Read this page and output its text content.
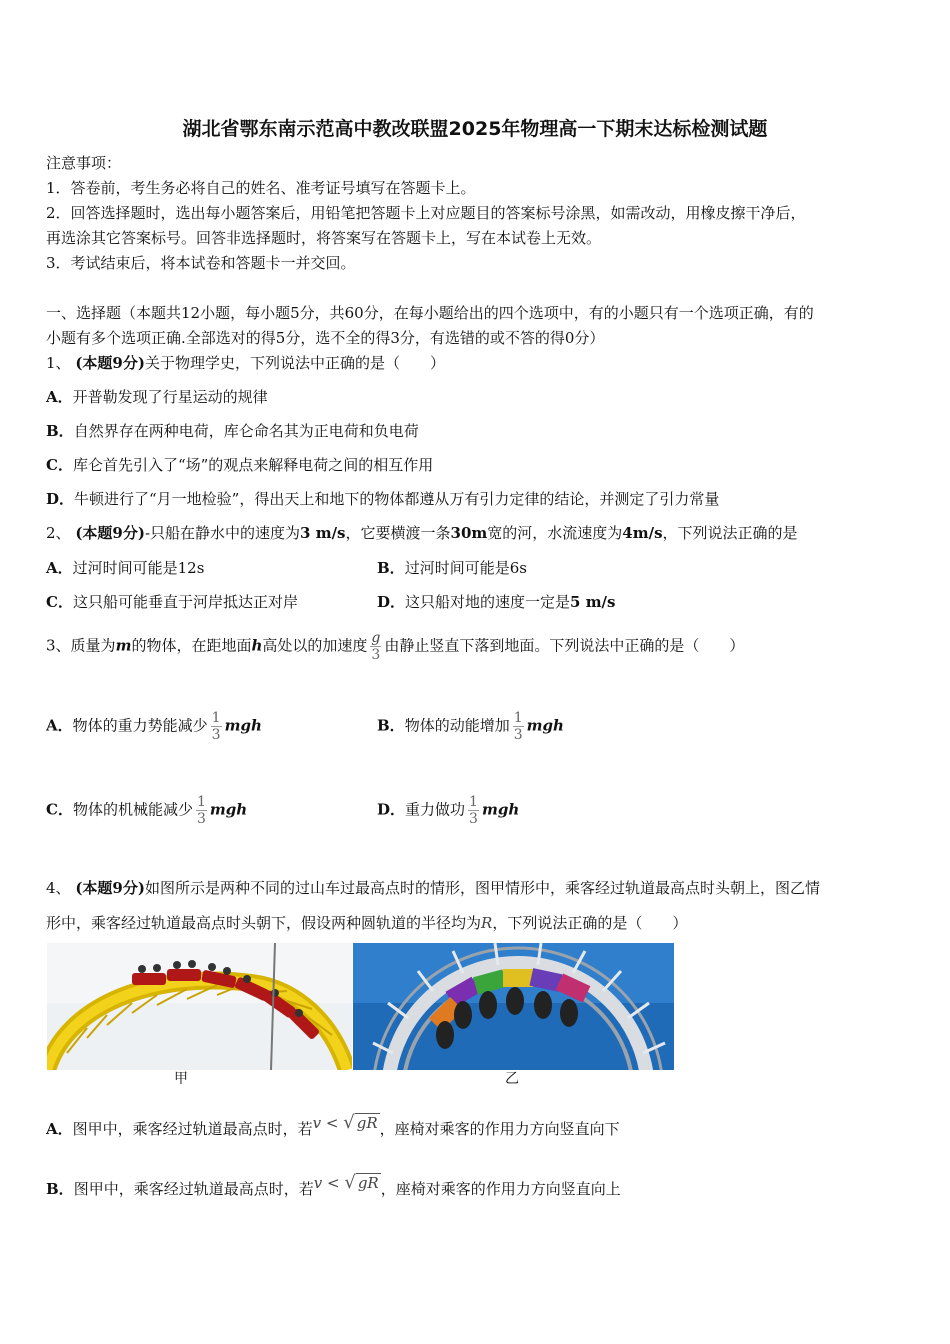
湖北省鄂东南示范高中教改联盟2025年物理高一下期末达标检测试题
注意事项：
1．答卷前，考生务必将自己的姓名、准考证号填写在答题卡上。
2．回答选择题时，选出每小题答案后，用铅笔把答题卡上对应题目的答案标号涂黑，如需改动，用橡皮擦干净后，
再选涂其它答案标号。回答非选择题时，将答案写在答题卡上，写在本试卷上无效。
3．考试结束后，将本试卷和答题卡一并交回。
一、选择题（本题共12小题，每小题5分，共60分，在每小题给出的四个选项中，有的小题只有一个选项正确，有的
小题有多个选项正确.全部选对的得5分，选不全的得3分，有选错的或不答的得0分）
1、 (本题9分)关于物理学史，下列说法中正确的是（　　）
A．开普勒发现了行星运动的规律
B．自然界存在两种电荷，库仑命名其为正电荷和负电荷
C．库仑首先引入了“场”的观点来解释电荷之间的相互作用
D．牛顿进行了“月一地检验”，得出天上和地下的物体都遵从万有引力定律的结论，并测定了引力常量
2、 (本题9分)-只船在静水中的速度为3 m/s，它要横渡一条30m宽的河，水流速度为4m/s，下列说法正确的是
A．过河时间可能是12s	B．过河时间可能是6s
C．这只船可能垂直于河岸抵达正对岸	D．这只船对地的速度一定是5 m/s
3、质量为m的物体，在距地面h高处以的加速度 $\frac{g}{3}$ 由静止竖直下落到地面。下列说法中正确的是（　　）
A．物体的重力势能减少 $\frac{1}{3}$ mgh	B．物体的动能增加 $\frac{1}{3}$ mgh
C．物体的机械能减少 $\frac{1}{3}$ mgh	D．重力做功 $\frac{1}{3}$ mgh
4、 (本题9分)如图所示是两种不同的过山车过最高点时的情形，图甲情形中，乘客经过轨道最高点时头朝上，图乙情
形中，乘客经过轨道最高点时头朝下，假设两种圆轨道的半径均为R，下列说法正确的是（　　）
甲	乙
A．图甲中，乘客经过轨道最高点时，若v < √ gR ，座椅对乘客的作用力方向竖直向下
B．图甲中，乘客经过轨道最高点时，若v < √ gR ，座椅对乘客的作用力方向竖直向上
